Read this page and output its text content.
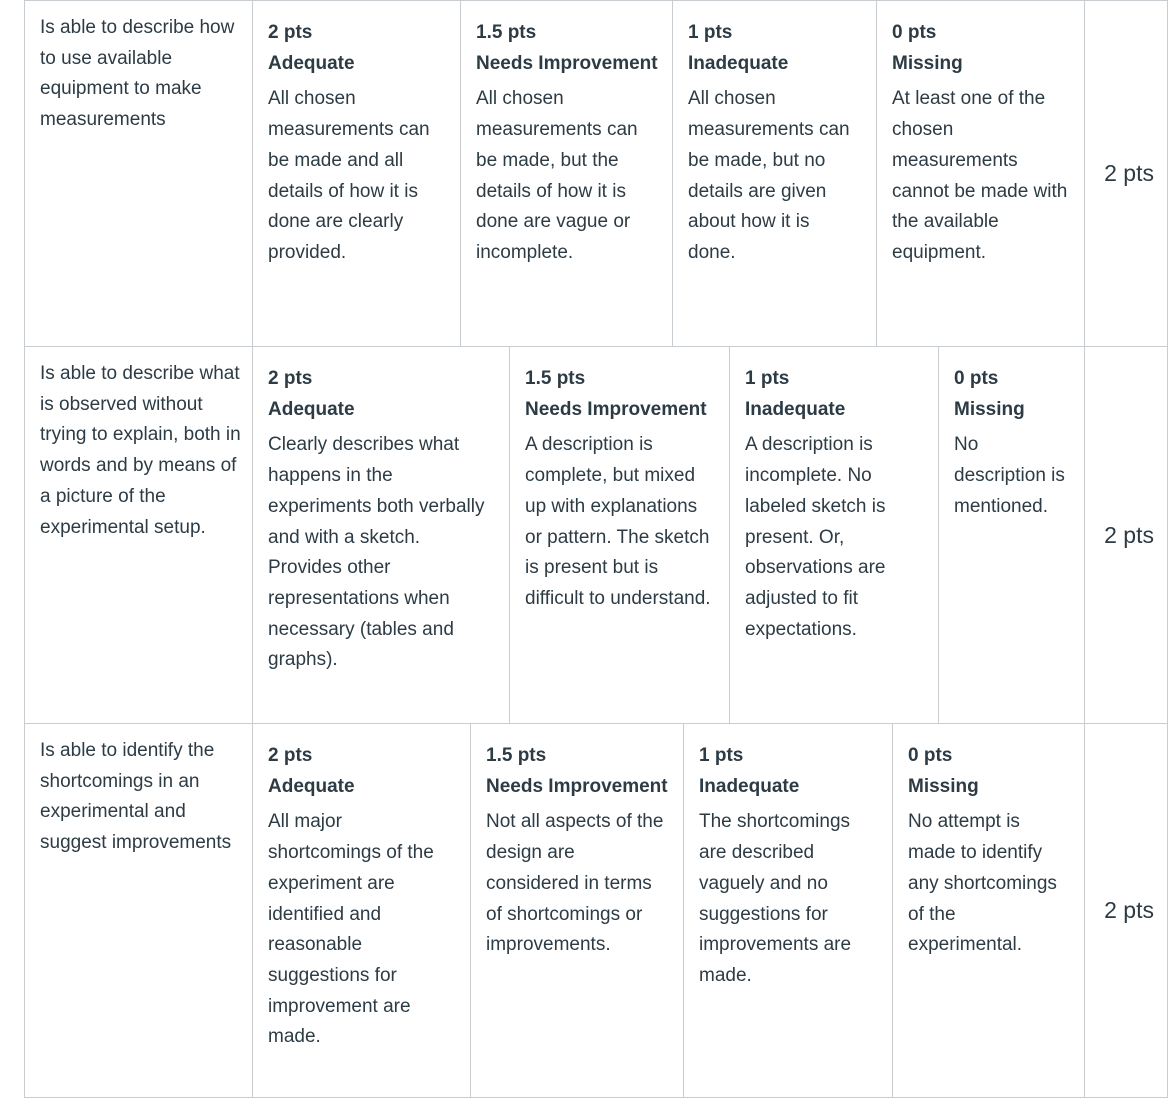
Is able to describe how to use available equipment to make measurements
2 pts
Adequate
All chosen measurements can be made and all details of how it is done are clearly provided.
1.5 pts
Needs Improvement
All chosen measurements can be made, but the details of how it is done are vague or incomplete.
1 pts
Inadequate
All chosen measurements can be made, but no details are given about how it is done.
0 pts
Missing
At least one of the chosen measurements cannot be made with the available equipment.
2 pts
Is able to describe what is observed without trying to explain, both in words and by means of a picture of the experimental setup.
2 pts
Adequate
Clearly describes what happens in the experiments both verbally and with a sketch. Provides other representations when necessary (tables and graphs).
1.5 pts
Needs Improvement
A description is complete, but mixed up with explanations or pattern. The sketch is present but is difficult to understand.
1 pts
Inadequate
A description is incomplete. No labeled sketch is present. Or, observations are adjusted to fit expectations.
0 pts
Missing
No description is mentioned.
2 pts
Is able to identify the shortcomings in an experimental and suggest improvements
2 pts
Adequate
All major shortcomings of the experiment are identified and reasonable suggestions for improvement are made.
1.5 pts
Needs Improvement
Not all aspects of the design are considered in terms of shortcomings or improvements.
1 pts
Inadequate
The shortcomings are described vaguely and no suggestions for improvements are made.
0 pts
Missing
No attempt is made to identify any shortcomings of the experimental.
2 pts
